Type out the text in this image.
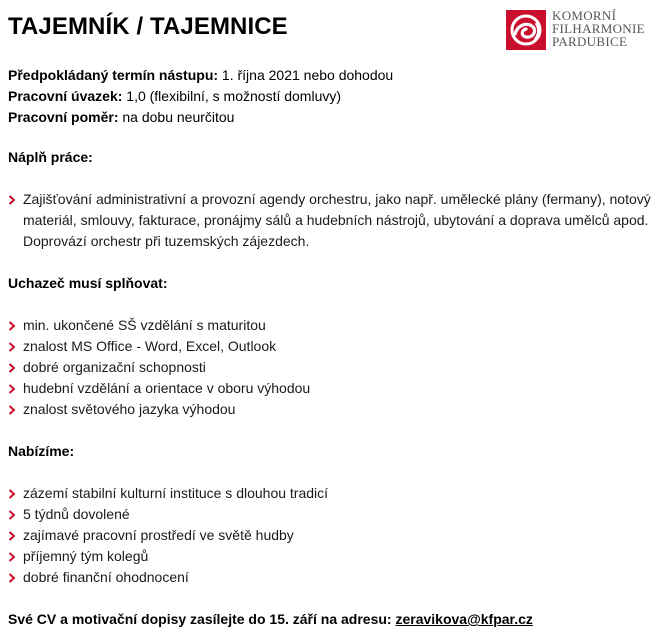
TAJEMNÍK / TAJEMNICE	KOMORNÍ
FILHARMONIE
PARDUBICE
Předpokládaný termín nástupu: 1. října 2021 nebo dohodou
Pracovní úvazek: 1,0 (flexibilní, s možností domluvy)
Pracovní poměr: na dobu neurčitou
Náplň práce:
Zajišťování administrativní a provozní agendy orchestru, jako např. umělecké plány (fermany), notový materiál, smlouvy, fakturace, pronájmy sálů a hudebních nástrojů, ubytování a doprava umělců apod. Doprovází orchestr při tuzemských zájezdech.
Uchazeč musí splňovat:
min. ukončené SŠ vzdělání s maturitou
znalost MS Office - Word, Excel, Outlook
dobré organizační schopnosti
hudební vzdělání a orientace v oboru výhodou
znalost světového jazyka výhodou
Nabízíme:
zázemí stabilní kulturní instituce s dlouhou tradicí
5 týdnů dovolené
zajímavé pracovní prostředí ve světě hudby
příjemný tým kolegů
dobré finanční ohodnocení
Své CV a motivační dopisy zasílejte do 15. září na adresu: zeravikova@kfpar.cz
